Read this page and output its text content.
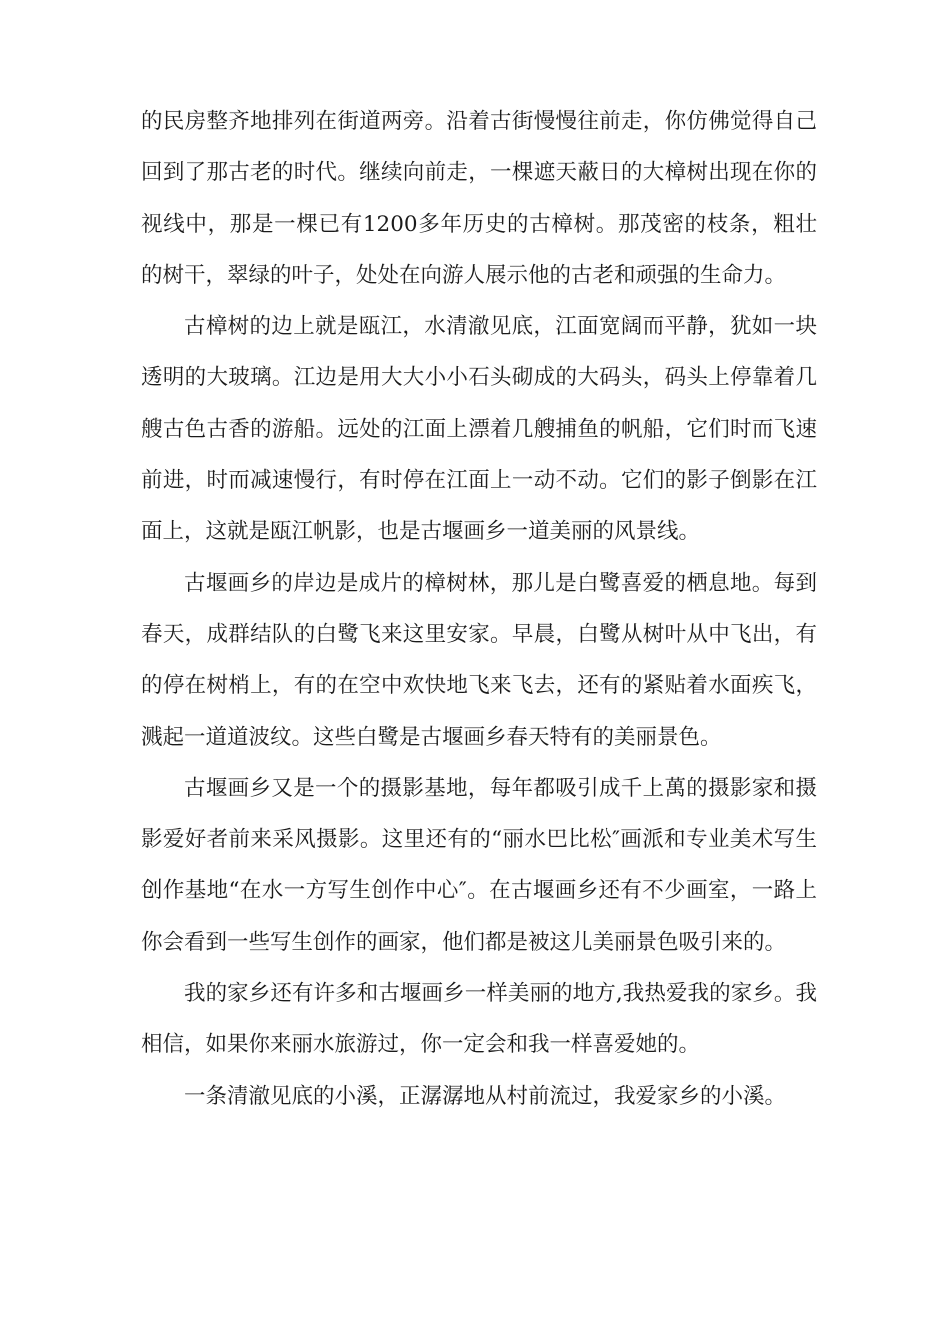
的民房整齐地排列在街道两旁。沿着古街慢慢往前走，你仿佛觉得自己回到了那古老的时代。继续向前走，一棵遮天蔽日的大樟树出现在你的视线中，那是一棵已有1200多年历史的古樟树。那茂密的枝条，粗壮的树干，翠绿的叶子，处处在向游人展示他的古老和顽强的生命力。

古樟树的边上就是瓯江，水清澈见底，江面宽阔而平静，犹如一块透明的大玻璃。江边是用大大小小石头砌成的大码头，码头上停靠着几艘古色古香的游船。远处的江面上漂着几艘捕鱼的帆船，它们时而飞速前进，时而减速慢行，有时停在江面上一动不动。它们的影子倒影在江面上，这就是瓯江帆影，也是古堰画乡一道美丽的风景线。

古堰画乡的岸边是成片的樟树林，那儿是白鹭喜爱的栖息地。每到春天，成群结队的白鹭飞来这里安家。早晨，白鹭从树叶从中飞出，有的停在树梢上，有的在空中欢快地飞来飞去，还有的紧贴着水面疾飞，溅起一道道波纹。这些白鹭是古堰画乡春天特有的美丽景色。

古堰画乡又是一个的摄影基地，每年都吸引成千上萬的摄影家和摄影爱好者前来采风摄影。这里还有的“丽水巴比松″画派和专业美术写生创作基地“在水一方写生创作中心″。在古堰画乡还有不少画室，一路上你会看到一些写生创作的画家，他们都是被这儿美丽景色吸引来的。

我的家乡还有许多和古堰画乡一样美丽的地方,我热爱我的家乡。我相信，如果你来丽水旅游过，你一定会和我一样喜爱她的。

一条清澈见底的小溪，正潺潺地从村前流过，我爱家乡的小溪。
